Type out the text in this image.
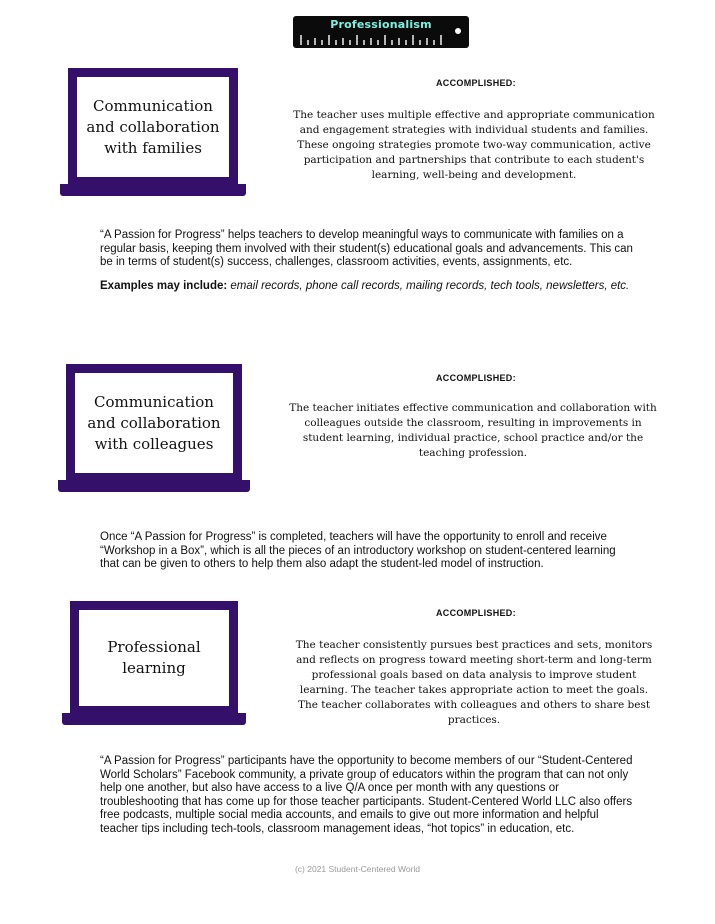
Professionalism
Communication and collaboration with families
ACCOMPLISHED:
The teacher uses multiple effective and appropriate communication and engagement strategies with individual students and families. These ongoing strategies promote two-way communication, active participation and partnerships that contribute to each student's learning, well-being and development.
“A Passion for Progress” helps teachers to develop meaningful ways to communicate with families on a regular basis, keeping them involved with their student(s) educational goals and advancements. This can be in terms of student(s) success, challenges, classroom activities, events, assignments, etc.
Examples may include: email records, phone call records, mailing records, tech tools, newsletters, etc.
Communication and collaboration with colleagues
ACCOMPLISHED:
The teacher initiates effective communication and collaboration with colleagues outside the classroom, resulting in improvements in student learning, individual practice, school practice and/or the teaching profession.
Once “A Passion for Progress” is completed, teachers will have the opportunity to enroll and receive “Workshop in a Box”, which is all the pieces of an introductory workshop on student-centered learning that can be given to others to help them also adapt the student-led model of instruction.
Professional learning
ACCOMPLISHED:
The teacher consistently pursues best practices and sets, monitors and reflects on progress toward meeting short-term and long-term professional goals based on data analysis to improve student learning. The teacher takes appropriate action to meet the goals. The teacher collaborates with colleagues and others to share best practices.
“A Passion for Progress” participants have the opportunity to become members of our “Student-Centered World Scholars” Facebook community, a private group of educators within the program that can not only help one another, but also have access to a live Q/A once per month with any questions or troubleshooting that has come up for those teacher participants. Student-Centered World LLC also offers free podcasts, multiple social media accounts, and emails to give out more information and helpful teacher tips including tech-tools, classroom management ideas, “hot topics” in education, etc.
(c) 2021 Student-Centered World
